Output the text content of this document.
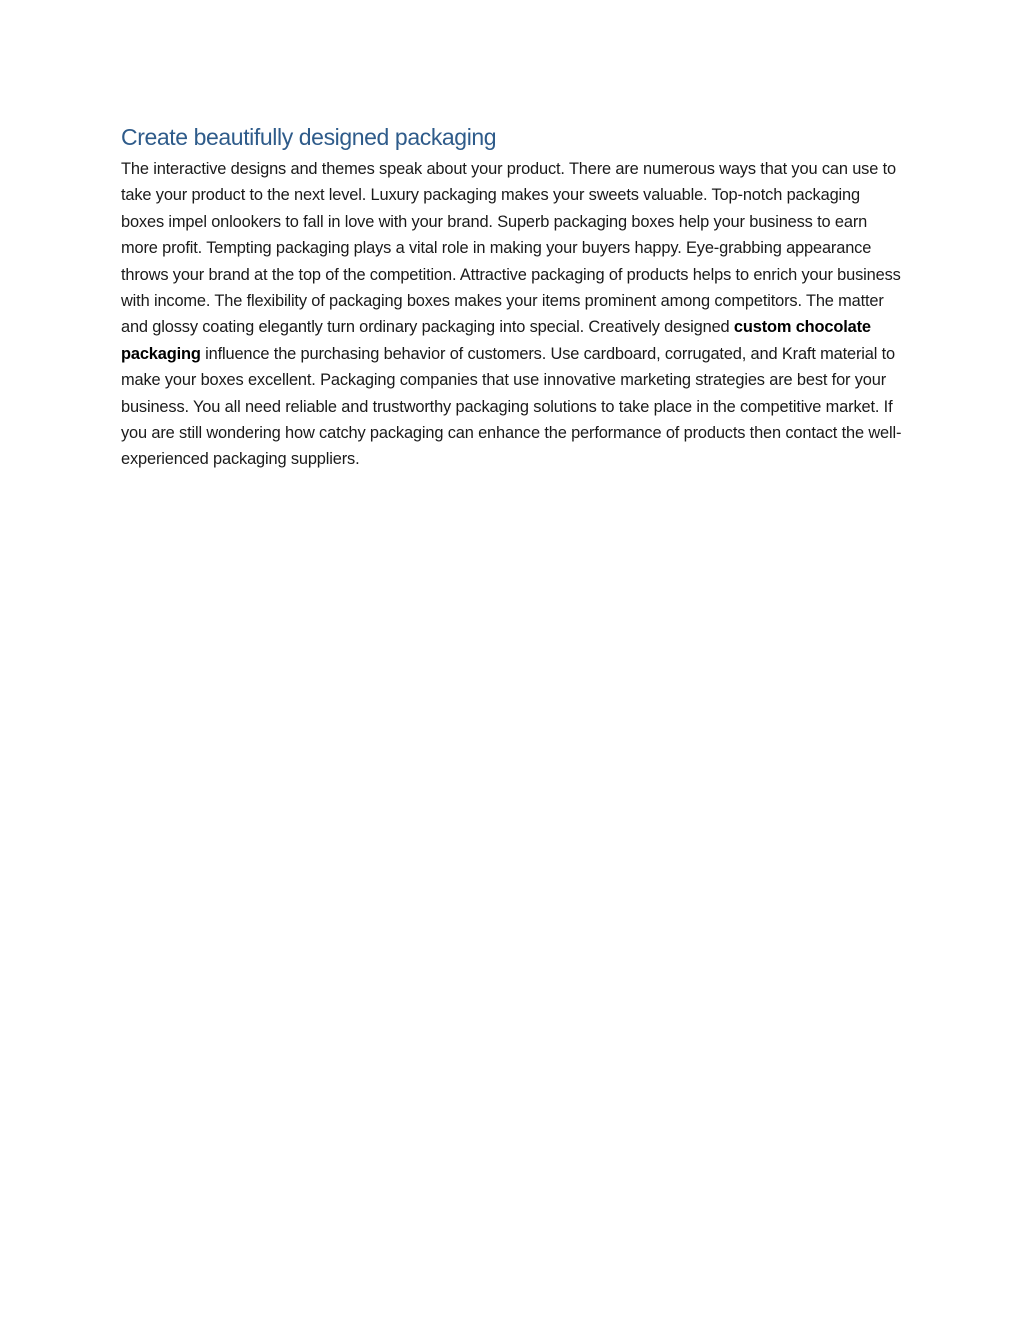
Create beautifully designed packaging

The interactive designs and themes speak about your product. There are numerous ways that you can use to take your product to the next level. Luxury packaging makes your sweets valuable. Top-notch packaging boxes impel onlookers to fall in love with your brand. Superb packaging boxes help your business to earn more profit. Tempting packaging plays a vital role in making your buyers happy. Eye-grabbing appearance throws your brand at the top of the competition. Attractive packaging of products helps to enrich your business with income. The flexibility of packaging boxes makes your items prominent among competitors. The matter and glossy coating elegantly turn ordinary packaging into special. Creatively designed custom chocolate packaging influence the purchasing behavior of customers. Use cardboard, corrugated, and Kraft material to make your boxes excellent. Packaging companies that use innovative marketing strategies are best for your business. You all need reliable and trustworthy packaging solutions to take place in the competitive market. If you are still wondering how catchy packaging can enhance the performance of products then contact the well-experienced packaging suppliers.
